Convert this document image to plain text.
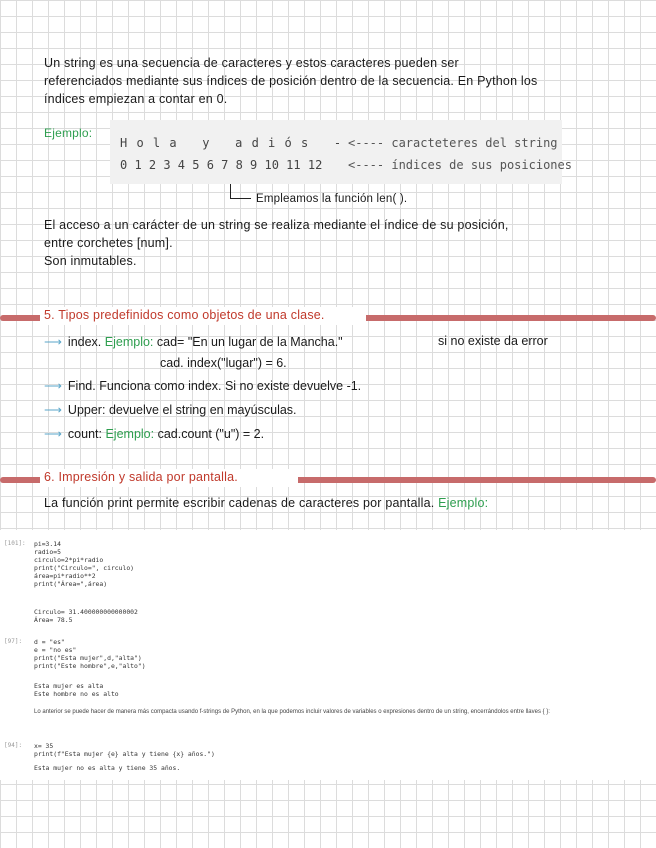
Un string es una secuencia de caracteres y estos caracteres pueden ser
referenciados mediante sus índices de posición dentro de la secuencia. En Python los
índices empiezan a contar en 0.
Ejemplo:
H o l a   y   a d i ó s   - <---- caracteteres del string
0 1 2 3 4 5 6 7 8 9 10 11 12 <---- índices de sus posiciones
Empleamos la función len( ).
El acceso a un carácter de un string se realiza mediante el índice de su posición,
entre corchetes [num].
Son inmutables.
5. Tipos predefinidos como objetos de una clase.
⟶ index. Ejemplo: cad= "En un lugar de la Mancha."	si no existe da error
cad. index("lugar") = 6.
⟶ Find. Funciona como index. Si no existe devuelve -1.
⟶ Upper: devuelve el string en mayúsculas.
⟶ count: Ejemplo: cad.count ("u") = 2.
6. Impresión y salida por pantalla.
La función print permite escribir cadenas de caracteres por pantalla. Ejemplo:
[101]: pi=3.14
radio=5
circulo=2*pi*radio
print("Circulo=", circulo)
área=pi*radio**2
print("Área=",área)
Circulo= 31.400000000000002
Área= 78.5
[97]: d = "es"
e = "no es"
print("Esta mujer",d,"alta")
print("Este hombre",e,"alto")
Esta mujer es alta
Este hombre no es alto
Lo anterior se puede hacer de manera más compacta usando f-strings de Python, en la que podemos incluir valores de variables o expresiones dentro de un string, encerrándolos entre llaves { }:
[94]: x= 35
print(f"Esta mujer {e} alta y tiene {x} años.")
Esta mujer no es alta y tiene 35 años.
